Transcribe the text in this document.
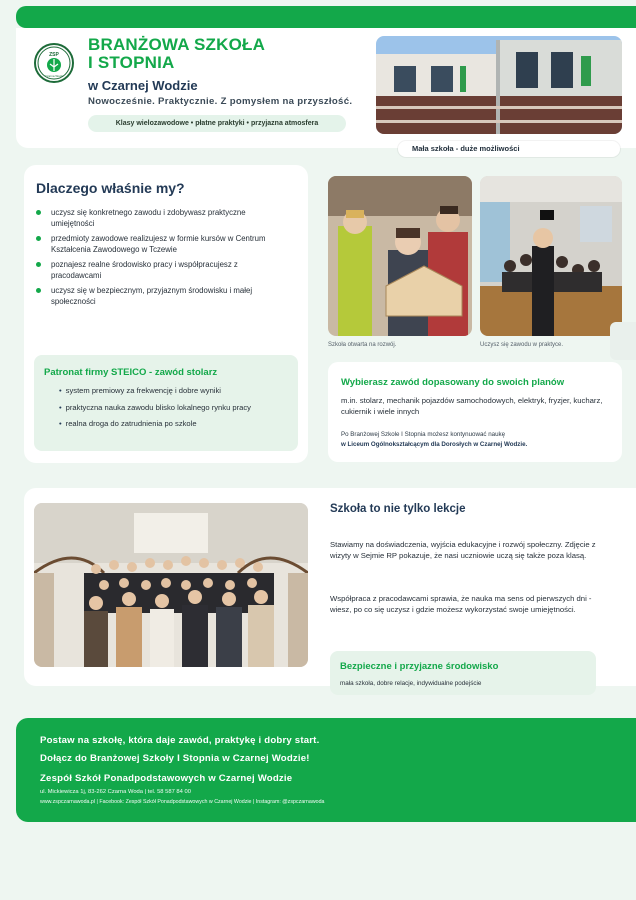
ZSP
Czarna Woda
BRANŻOWA SZKOŁA
I STOPNIA
w Czarnej Wodzie
Nowocześnie. Praktycznie. Z pomysłem na przyszłość.
Klasy wielozawodowe • płatne praktyki • przyjazna atmosfera
Mała szkoła - duże możliwości
Dlaczego właśnie my?
uczysz się konkretnego zawodu i zdobywasz praktyczne umiejętności
przedmioty zawodowe realizujesz w formie kursów w Centrum Kształcenia Zawodowego w Tczewie
poznajesz realne środowisko pracy i współpracujesz z pracodawcami
uczysz się w bezpiecznym, przyjaznym środowisku i małej społeczności
Patronat firmy STEICO - zawód stolarz
• system premiowy za frekwencję i dobre wyniki
• praktyczna nauka zawodu blisko lokalnego rynku pracy
• realna droga do zatrudnienia po szkole
Szkoła otwarta na rozwój.	Uczysz się zawodu w praktyce.
Wybierasz zawód dopasowany do swoich planów
m.in. stolarz, mechanik pojazdów samochodowych, elektryk, fryzjer, kucharz, cukiernik i wiele innych
Po Branżowej Szkole I Stopnia możesz kontynuować naukę
w Liceum Ogólnokształcącym dla Dorosłych w Czarnej Wodzie.
Szkoła to nie tylko lekcje
Stawiamy na doświadczenia, wyjścia edukacyjne i rozwój społeczny. Zdjęcie z wizyty w Sejmie RP pokazuje, że nasi uczniowie uczą się także poza klasą.
Współpraca z pracodawcami sprawia, że nauka ma sens od pierwszych dni - wiesz, po co się uczysz i gdzie możesz wykorzystać swoje umiejętności.
Bezpieczne i przyjazne środowisko
mała szkoła, dobre relacje, indywidualne podejście
Postaw na szkołę, która daje zawód, praktykę i dobry start.
Dołącz do Branżowej Szkoły I Stopnia w Czarnej Wodzie!
Zespół Szkół Ponadpodstawowych w Czarnej Wodzie
ul. Mickiewicza 1j, 83-262 Czarna Woda | tel. 58 587 84 00
www.zspczarnawoda.pl | Facebook: Zespół Szkół Ponadpodstawowych w Czarnej Wodzie | Instagram: @zspczarnawoda
